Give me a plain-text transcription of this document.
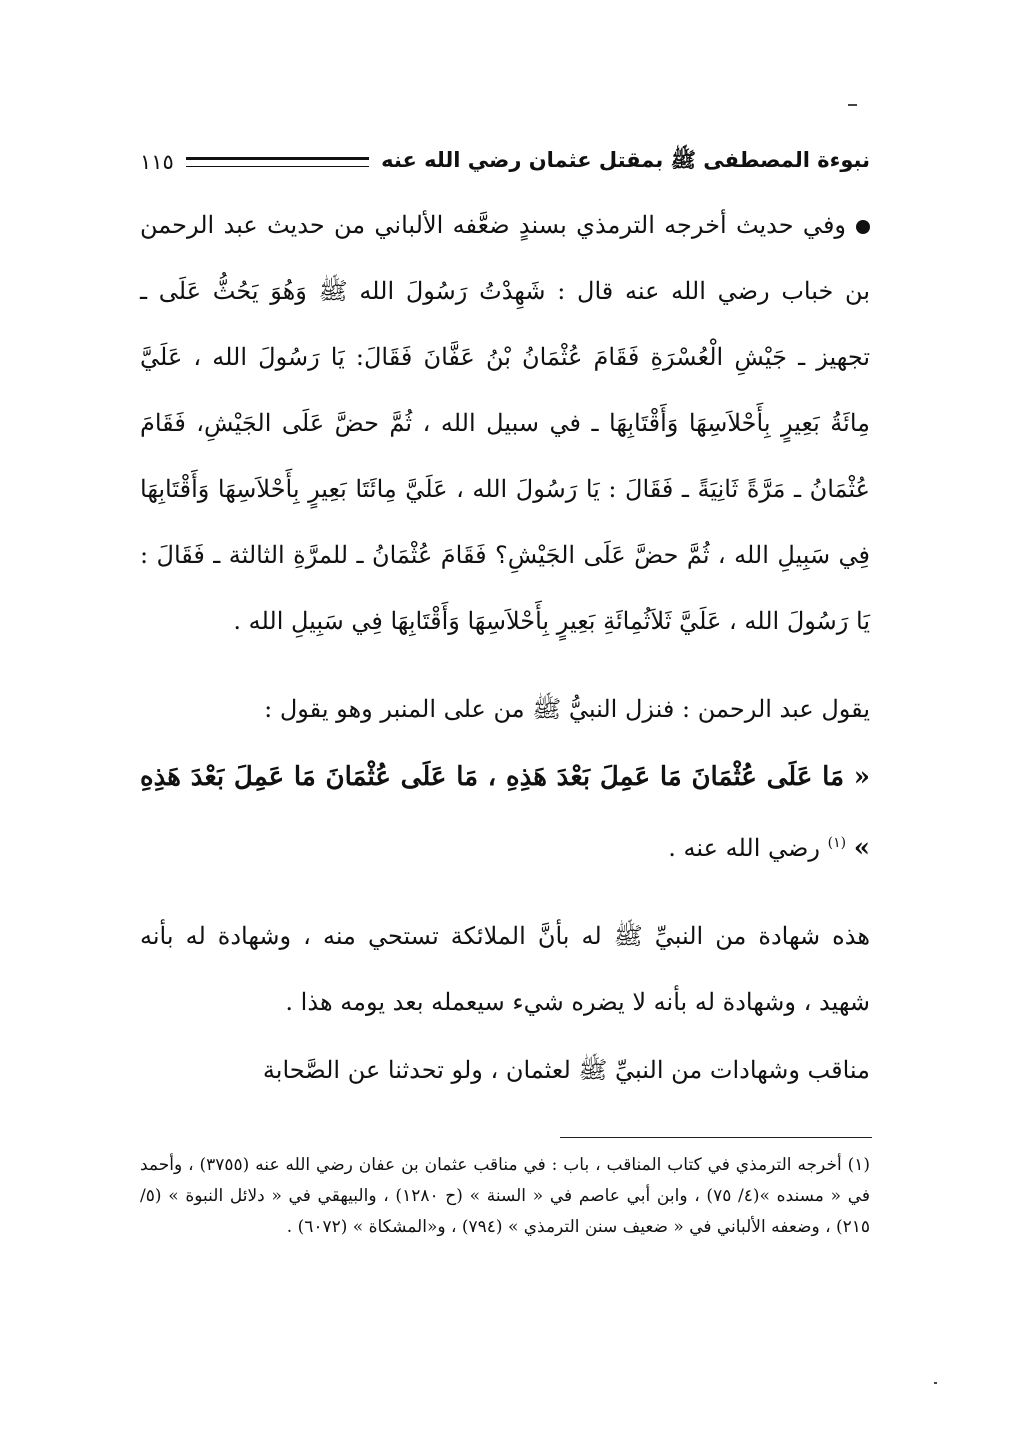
نبوءة المصطفى ﷺ بمقتل عثمان رضي الله عنه
١١٥

وفي حديث أخرجه الترمذي بسندٍ ضعَّفه الألباني من حديث عبد الرحمن بن خباب رضي الله عنه قال : شَهِدْتُ رَسُولَ الله ﷺ وَهُوَ يَحُثُّ عَلَى ـ تجهيز ـ جَيْشِ الْعُسْرَةِ فَقَامَ عُثْمَانُ بْنُ عَفَّانَ فَقَالَ: يَا رَسُولَ الله ، عَلَيَّ مِائَةُ بَعِيرٍ بِأَحْلاَسِهَا وَأَقْتَابِهَا ـ في سبيل الله ، ثُمَّ حضَّ عَلَى الجَيْشِ، فَقَامَ عُثْمَانُ ـ مَرَّةً ثَانِيَةً ـ فَقَالَ : يَا رَسُولَ الله ، عَلَيَّ مِائَتَا بَعِيرٍ بِأَحْلاَسِهَا وَأَقْتَابِهَا فِي سَبِيلِ الله ، ثُمَّ حضَّ عَلَى الجَيْشِ؟ فَقَامَ عُثْمَانُ ـ للمرَّةِ الثالثة ـ فَقَالَ : يَا رَسُولَ الله ، عَلَيَّ ثَلاَثُمِائَةِ بَعِيرٍ بِأَحْلاَسِهَا وَأَقْتَابِهَا فِي سَبِيلِ الله .

يقول عبد الرحمن : فنزل النبيُّ ﷺ من على المنبر وهو يقول :

« مَا عَلَى عُثْمَانَ مَا عَمِلَ بَعْدَ هَذِهِ ، مَا عَلَى عُثْمَانَ مَا عَمِلَ بَعْدَ هَذِهِ » $^{(١)}$ رضي الله عنه .

هذه شهادة من النبيِّ ﷺ له بأنَّ الملائكة تستحي منه ، وشهادة له بأنه شهيد ، وشهادة له بأنه لا يضره شيء سيعمله بعد يومه هذا .

مناقب وشهادات من النبيِّ ﷺ لعثمان ، ولو تحدثنا عن الصَّحابة

(١) أخرجه الترمذي في كتاب المناقب ، باب : في مناقب عثمان بن عفان رضي الله عنه (٣٧٥٥) ، وأحمد في « مسنده »(٤/ ٧٥) ، وابن أبي عاصم في « السنة » (ح ١٢٨٠) ، والبيهقي في « دلائل النبوة » (٥/ ٢١٥) ، وضعفه الألباني في « ضعيف سنن الترمذي » (٧٩٤) ، و«المشكاة » (٦٠٧٢) .
